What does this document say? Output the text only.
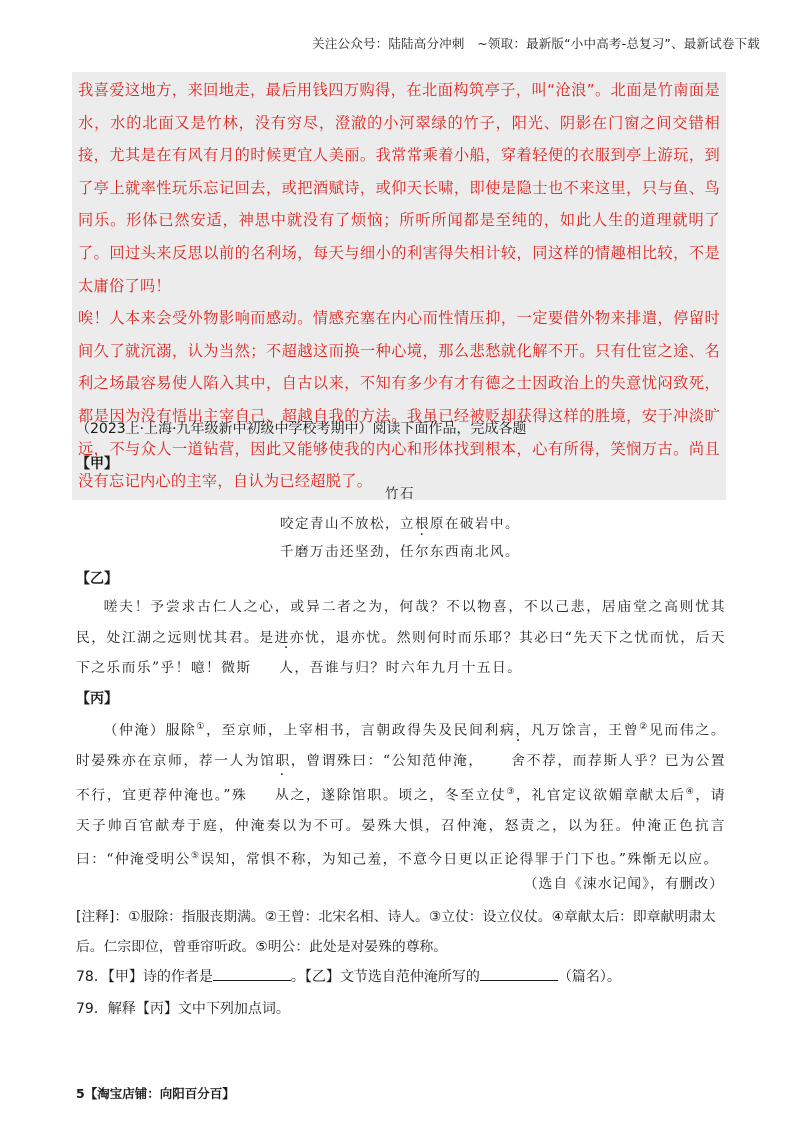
关注公众号：陆陆高分冲刺　~领取：最新版“小中高考-总复习”、最新试卷下载

我喜爱这地方，来回地走，最后用钱四万购得，在北面构筑亭子，叫“沧浪”。北面是竹南面是水，水的北面又是竹林，没有穷尽，澄澈的小河翠绿的竹子，阳光、阴影在门窗之间交错相接，尤其是在有风有月的时候更宜人美丽。我常常乘着小船，穿着轻便的衣服到亭上游玩，到了亭上就率性玩乐忘记回去，或把酒赋诗，或仰天长啸，即使是隐士也不来这里，只与鱼、鸟同乐。形体已然安适，神思中就没有了烦恼；所听所闻都是至纯的，如此人生的道理就明了了。回过头来反思以前的名利场，每天与细小的利害得失相计较，同这样的情趣相比较，不是太庸俗了吗！

唉！人本来会受外物影响而感动。情感充塞在内心而性情压抑，一定要借外物来排遣，停留时间久了就沉溺，认为当然；不超越这而换一种心境，那么悲愁就化解不开。只有仕宦之途、名利之场最容易使人陷入其中，自古以来，不知有多少有才有德之士因政治上的失意忧闷致死，都是因为没有悟出主宰自己、超越自我的方法。我虽已经被贬却获得这样的胜境，安于冲淡旷远，不与众人一道钻营，因此又能够使我的内心和形体找到根本，心有所得，笑悯万古。尚且没有忘记内心的主宰，自认为已经超脱了。

（2023上·上海·九年级新中初级中学校考期中）阅读下面作品，完成各题
【甲】
竹石
咬定青山不放松，立根原在破岩中。
千磨万击还坚劲，任尔东西南北风。
【乙】

嗟夫！予尝求古仁人之心，或异二者之为，何哉？不以物喜，不以己悲，居庙堂之高则忧其民，处江湖之远则忧其君。是进亦忧，退亦忧。然则何时而乐耶？其必曰“先天下之忧而忧，后天下之乐而乐”乎！噫！微斯 人，吾谁与归？时六年九月十五日。

【丙】

（仲淹）服除①，至京师，上宰相书，言朝政得失及民间利病，凡万馀言，王曾②见而伟之。时晏殊亦在京师，荐一人为馆职，曾谓殊曰：“公知范仲淹， 舍不荐，而荐斯人乎？已为公置不行，宜更荐仲淹也。”殊 从之，遂除馆职。顷之，冬至立仗③，礼官定议欲媚章献太后④，请天子帅百官献寿于庭，仲淹奏以为不可。晏殊大惧，召仲淹，怒责之，以为狂。仲淹正色抗言曰：“仲淹受明公⑤误知，常惧不称，为知己羞，不意今日更以正论得罪于门下也。”殊惭无以应。

（选自《涑水记闻》，有删改）
[注释]：①服除：指服丧期满。②王曾：北宋名相、诗人。③立仗：设立仪仗。④章献太后：即章献明肃太后。仁宗即位，曾垂帘听政。⑤明公：此处是对晏殊的尊称。
78．【甲】诗的作者是	。【乙】文节选自范仲淹所写的	（篇名）。
79．解释【丙】文中下列加点词。
5【淘宝店铺：向阳百分百】
